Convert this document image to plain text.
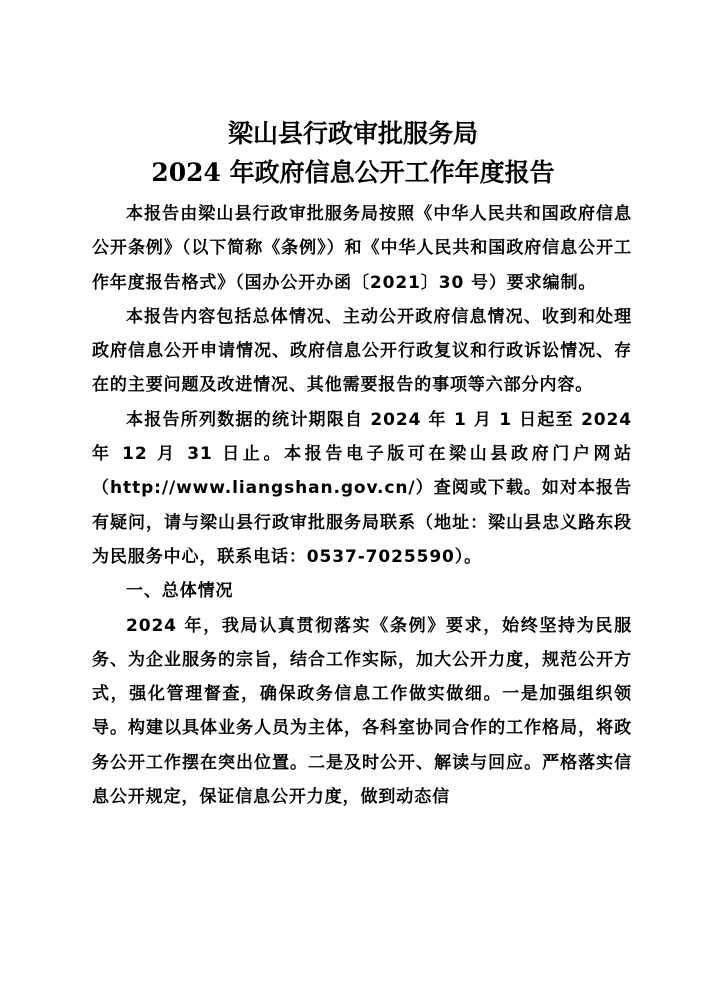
梁山县行政审批服务局
2024 年政府信息公开工作年度报告

本报告由梁山县行政审批服务局按照《中华人民共和国政府信息公开条例》（以下简称《条例》）和《中华人民共和国政府信息公开工作年度报告格式》（国办公开办函〔2021〕30 号）要求编制。

本报告内容包括总体情况、主动公开政府信息情况、收到和处理政府信息公开申请情况、政府信息公开行政复议和行政诉讼情况、存在的主要问题及改进情况、其他需要报告的事项等六部分内容。

本报告所列数据的统计期限自 2024 年 1 月 1 日起至 2024 年 12 月 31 日止。本报告电子版可在梁山县政府门户网站（http://www.liangshan.gov.cn/）查阅或下载。如对本报告有疑问，请与梁山县行政审批服务局联系（地址：梁山县忠义路东段为民服务中心，联系电话：0537-7025590）。

一、总体情况

2024 年，我局认真贯彻落实《条例》要求，始终坚持为民服务、为企业服务的宗旨，结合工作实际，加大公开力度，规范公开方式，强化管理督查，确保政务信息工作做实做细。一是加强组织领导。构建以具体业务人员为主体，各科室协同合作的工作格局，将政务公开工作摆在突出位置。二是及时公开、解读与回应。严格落实信息公开规定，保证信息公开力度，做到动态信
